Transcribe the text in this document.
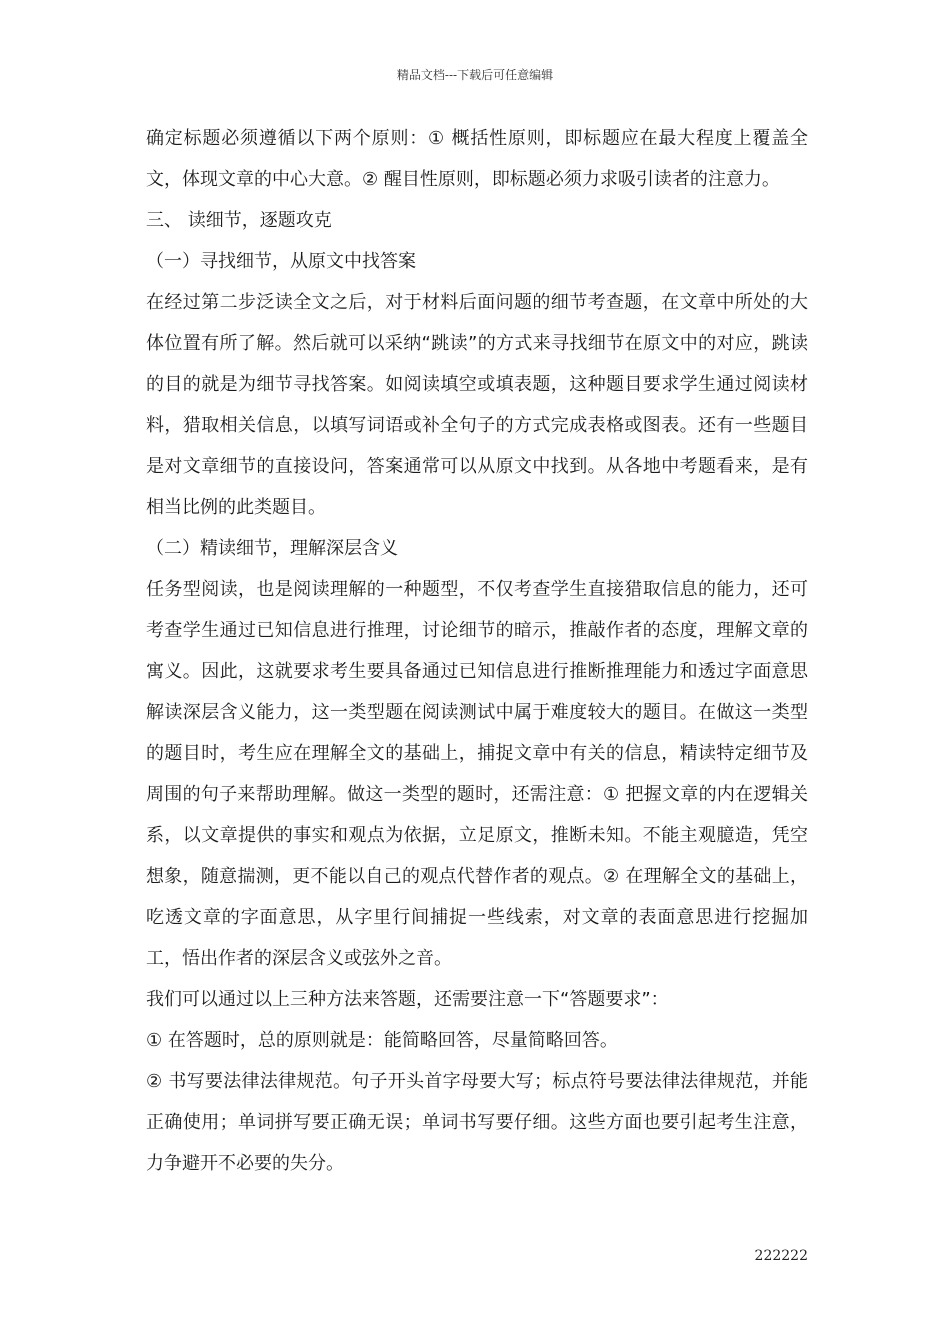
精品文档---下载后可任意编辑

确定标题必须遵循以下两个原则：① 概括性原则，即标题应在最大程度上覆盖全文，体现文章的中心大意。② 醒目性原则，即标题必须力求吸引读者的注意力。

三、 读细节，逐题攻克

（一）寻找细节，从原文中找答案

在经过第二步泛读全文之后，对于材料后面问题的细节考查题，在文章中所处的大体位置有所了解。然后就可以采纳“跳读”的方式来寻找细节在原文中的对应，跳读的目的就是为细节寻找答案。如阅读填空或填表题，这种题目要求学生通过阅读材料，猎取相关信息，以填写词语或补全句子的方式完成表格或图表。还有一些题目是对文章细节的直接设问，答案通常可以从原文中找到。从各地中考题看来，是有相当比例的此类题目。

（二）精读细节，理解深层含义

任务型阅读，也是阅读理解的一种题型，不仅考查学生直接猎取信息的能力，还可考查学生通过已知信息进行推理，讨论细节的暗示，推敲作者的态度，理解文章的寓义。因此，这就要求考生要具备通过已知信息进行推断推理能力和透过字面意思解读深层含义能力，这一类型题在阅读测试中属于难度较大的题目。在做这一类型的题目时，考生应在理解全文的基础上，捕捉文章中有关的信息，精读特定细节及周围的句子来帮助理解。做这一类型的题时，还需注意：① 把握文章的内在逻辑关系，以文章提供的事实和观点为依据，立足原文，推断未知。不能主观臆造，凭空想象，随意揣测，更不能以自己的观点代替作者的观点。② 在理解全文的基础上，吃透文章的字面意思，从字里行间捕捉一些线索，对文章的表面意思进行挖掘加工，悟出作者的深层含义或弦外之音。

我们可以通过以上三种方法来答题，还需要注意一下“答题要求”：

① 在答题时，总的原则就是：能简略回答，尽量简略回答。

② 书写要法律法律规范。句子开头首字母要大写；标点符号要法律法律规范，并能正确使用；单词拼写要正确无误；单词书写要仔细。这些方面也要引起考生注意，力争避开不必要的失分。

222222
